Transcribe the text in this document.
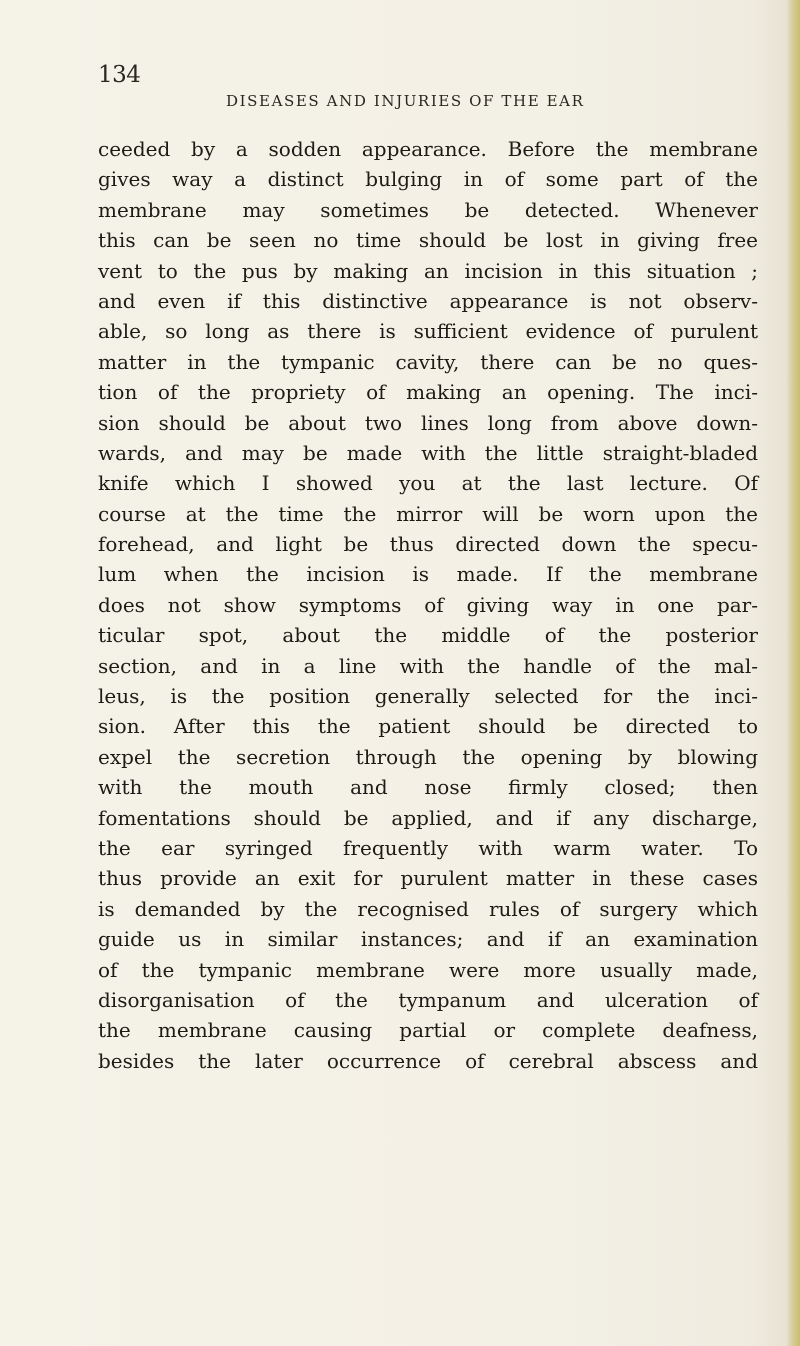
134
DISEASES AND INJURIES OF THE EAR
ceeded by a sodden appearance. Before the membrane
gives way a distinct bulging in of some part of the
membrane may sometimes be detected. Whenever
this can be seen no time should be lost in giving free
vent to the pus by making an incision in this situation ;
and even if this distinctive appearance is not observ-
able, so long as there is sufficient evidence of purulent
matter in the tympanic cavity, there can be no ques-
tion of the propriety of making an opening. The inci-
sion should be about two lines long from above down-
wards, and may be made with the little straight-bladed
knife which I showed you at the last lecture. Of
course at the time the mirror will be worn upon the
forehead, and light be thus directed down the specu-
lum when the incision is made. If the membrane
does not show symptoms of giving way in one par-
ticular spot, about the middle of the posterior
section, and in a line with the handle of the mal-
leus, is the position generally selected for the inci-
sion. After this the patient should be directed to
expel the secretion through the opening by blowing
with the mouth and nose firmly closed; then
fomentations should be applied, and if any discharge,
the ear syringed frequently with warm water. To
thus provide an exit for purulent matter in these cases
is demanded by the recognised rules of surgery which
guide us in similar instances; and if an examination
of the tympanic membrane were more usually made,
disorganisation of the tympanum and ulceration of
the membrane causing partial or complete deafness,
besides the later occurrence of cerebral abscess and
